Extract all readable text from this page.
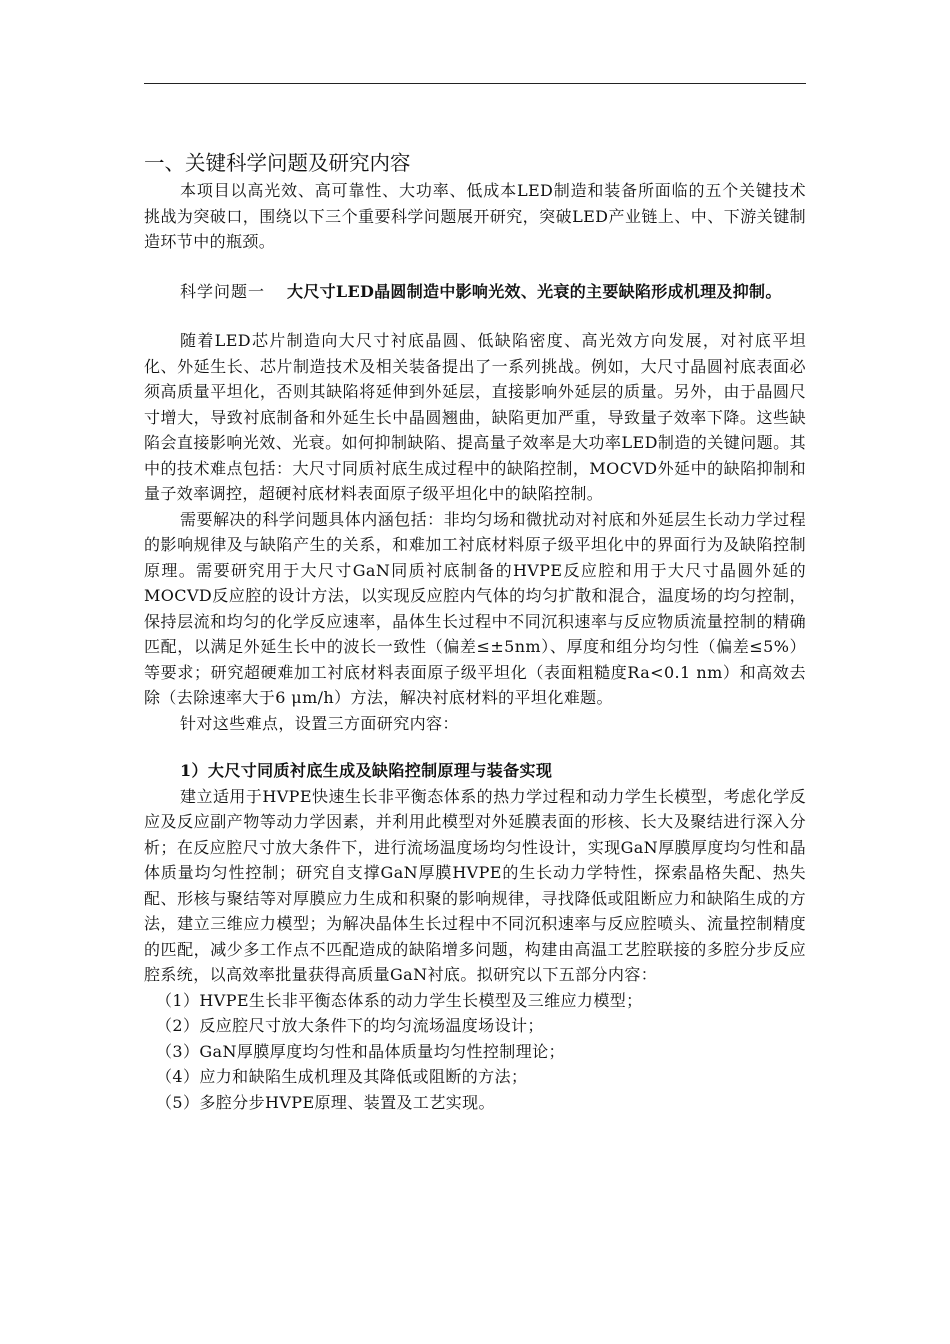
一、关键科学问题及研究内容

本项目以高光效、高可靠性、大功率、低成本LED制造和装备所面临的五个关键技术挑战为突破口，围绕以下三个重要科学问题展开研究，突破LED产业链上、中、下游关键制造环节中的瓶颈。

科学问题一 大尺寸LED晶圆制造中影响光效、光衰的主要缺陷形成机理及抑制。

随着LED芯片制造向大尺寸衬底晶圆、低缺陷密度、高光效方向发展，对衬底平坦化、外延生长、芯片制造技术及相关装备提出了一系列挑战。例如，大尺寸晶圆衬底表面必须高质量平坦化，否则其缺陷将延伸到外延层，直接影响外延层的质量。另外，由于晶圆尺寸增大，导致衬底制备和外延生长中晶圆翘曲，缺陷更加严重，导致量子效率下降。这些缺陷会直接影响光效、光衰。如何抑制缺陷、提高量子效率是大功率LED制造的关键问题。其中的技术难点包括：大尺寸同质衬底生成过程中的缺陷控制，MOCVD外延中的缺陷抑制和量子效率调控，超硬衬底材料表面原子级平坦化中的缺陷控制。

需要解决的科学问题具体内涵包括：非均匀场和微扰动对衬底和外延层生长动力学过程的影响规律及与缺陷产生的关系，和难加工衬底材料原子级平坦化中的界面行为及缺陷控制原理。需要研究用于大尺寸GaN同质衬底制备的HVPE反应腔和用于大尺寸晶圆外延的MOCVD反应腔的设计方法，以实现反应腔内气体的均匀扩散和混合，温度场的均匀控制，保持层流和均匀的化学反应速率，晶体生长过程中不同沉积速率与反应物质流量控制的精确匹配，以满足外延生长中的波长一致性（偏差≤±5nm）、厚度和组分均匀性（偏差≤5%）等要求；研究超硬难加工衬底材料表面原子级平坦化（表面粗糙度Ra<0.1 nm）和高效去除（去除速率大于6 μm/h）方法，解决衬底材料的平坦化难题。

针对这些难点，设置三方面研究内容：

1）大尺寸同质衬底生成及缺陷控制原理与装备实现

建立适用于HVPE快速生长非平衡态体系的热力学过程和动力学生长模型，考虑化学反应及反应副产物等动力学因素，并利用此模型对外延膜表面的形核、长大及聚结进行深入分析；在反应腔尺寸放大条件下，进行流场温度场均匀性设计，实现GaN厚膜厚度均匀性和晶体质量均匀性控制；研究自支撑GaN厚膜HVPE的生长动力学特性，探索晶格失配、热失配、形核与聚结等对厚膜应力生成和积聚的影响规律，寻找降低或阻断应力和缺陷生成的方法，建立三维应力模型；为解决晶体生长过程中不同沉积速率与反应腔喷头、流量控制精度的匹配，减少多工作点不匹配造成的缺陷增多问题，构建由高温工艺腔联接的多腔分步反应腔系统，以高效率批量获得高质量GaN衬底。拟研究以下五部分内容：

（1）HVPE生长非平衡态体系的动力学生长模型及三维应力模型；

（2）反应腔尺寸放大条件下的均匀流场温度场设计；

（3）GaN厚膜厚度均匀性和晶体质量均匀性控制理论；

（4）应力和缺陷生成机理及其降低或阻断的方法；

（5）多腔分步HVPE原理、装置及工艺实现。
